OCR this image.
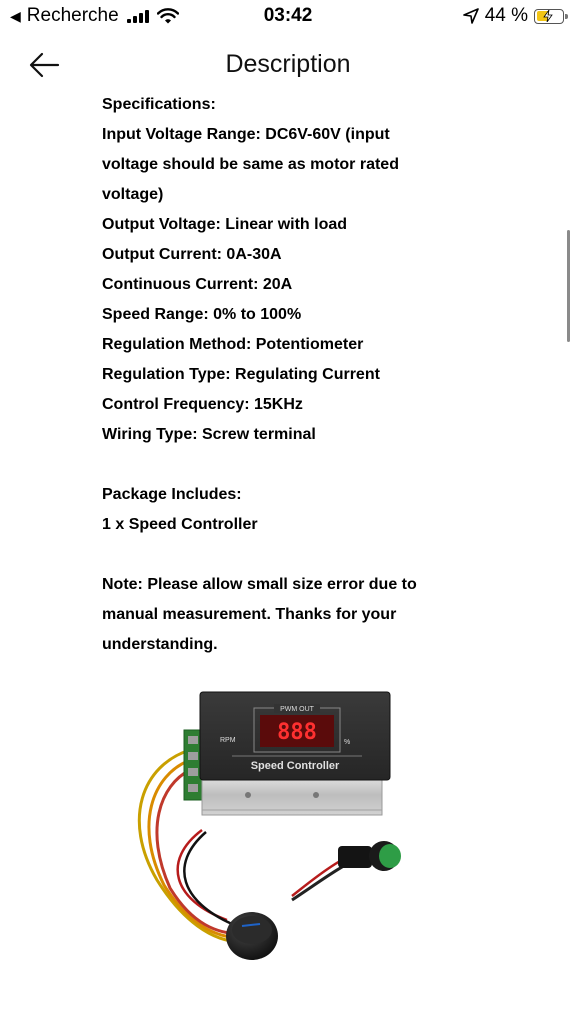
◀ Recherche	03:42	44 %
Description
Specifications:
Input Voltage Range: DC6V-60V (input
voltage should be same as motor rated
voltage)
Output Voltage: Linear with load
Output Current: 0A-30A
Continuous Current: 20A
Speed Range: 0% to 100%
Regulation Method: Potentiometer
Regulation Type: Regulating Current
Control Frequency: 15KHz
Wiring Type: Screw terminal
Package Includes:
1 x Speed Controller
Note: Please allow small size error due to
manual measurement. Thanks for your
understanding.
PWM OUT
888
RPM	%
Speed Controller
